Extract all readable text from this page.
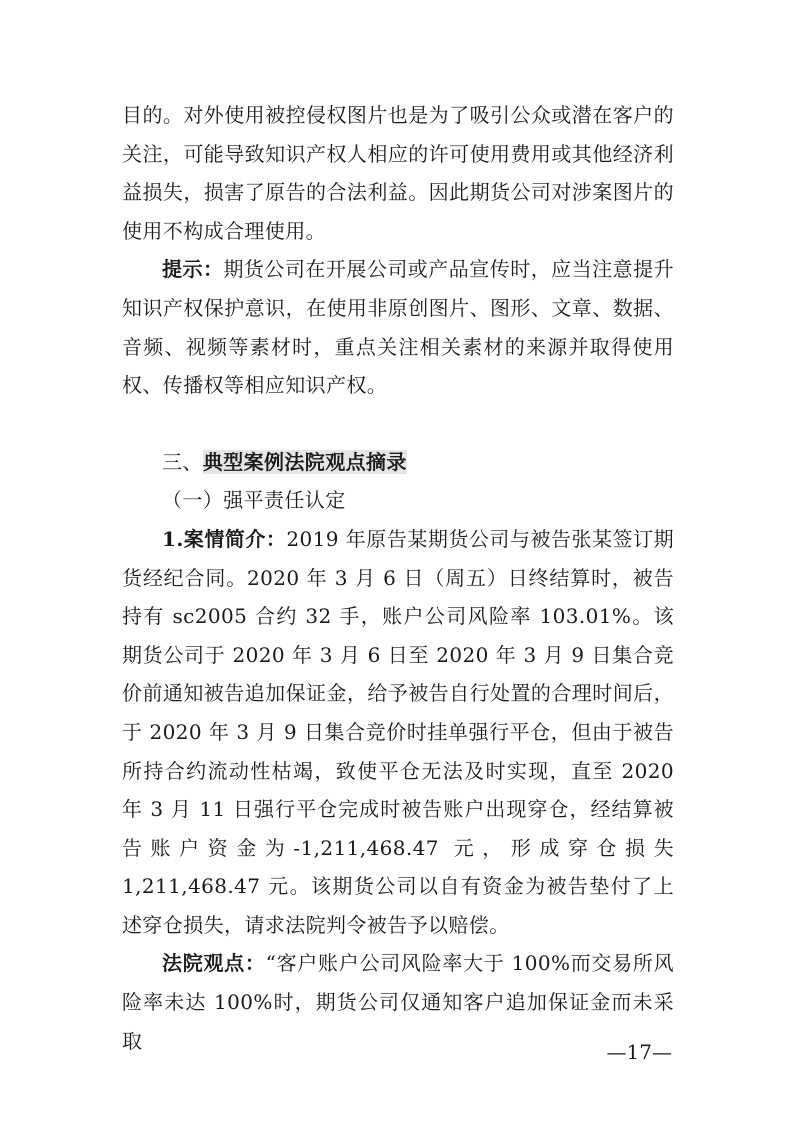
目的。对外使用被控侵权图片也是为了吸引公众或潜在客户的关注，可能导致知识产权人相应的许可使用费用或其他经济利益损失，损害了原告的合法利益。因此期货公司对涉案图片的使用不构成合理使用。

提示：期货公司在开展公司或产品宣传时，应当注意提升知识产权保护意识，在使用非原创图片、图形、文章、数据、音频、视频等素材时，重点关注相关素材的来源并取得使用权、传播权等相应知识产权。

三、典型案例法院观点摘录

（一）强平责任认定

1.案情简介：2019 年原告某期货公司与被告张某签订期货经纪合同。2020 年 3 月 6 日（周五）日终结算时，被告持有 sc2005 合约 32 手，账户公司风险率 103.01%。该期货公司于 2020 年 3 月 6 日至 2020 年 3 月 9 日集合竞价前通知被告追加保证金，给予被告自行处置的合理时间后，于 2020 年 3 月 9 日集合竞价时挂单强行平仓，但由于被告所持合约流动性枯竭，致使平仓无法及时实现，直至 2020 年 3 月 11 日强行平仓完成时被告账户出现穿仓，经结算被告账户资金为-1,211,468.47 元，形成穿仓损失 1,211,468.47 元。该期货公司以自有资金为被告垫付了上述穿仓损失，请求法院判令被告予以赔偿。

法院观点：“客户账户公司风险率大于 100%而交易所风险率未达 100%时，期货公司仅通知客户追加保证金而未采取	—17—
